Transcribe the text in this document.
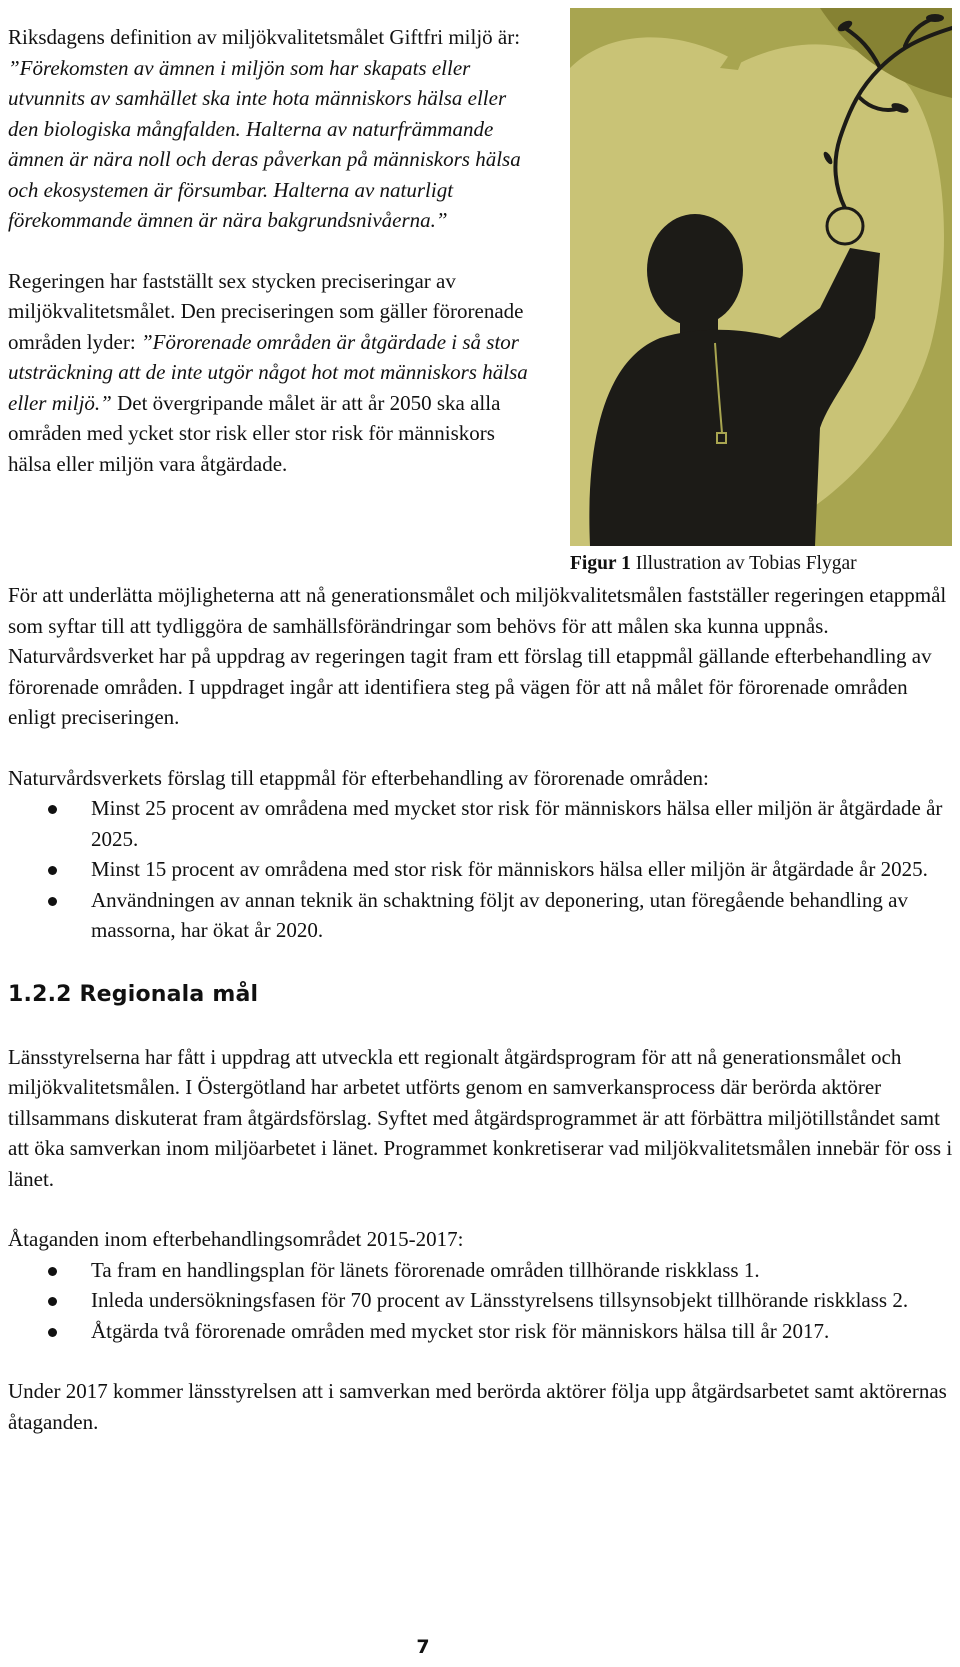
Riksdagens definition av miljökvalitetsmålet Giftfri miljö är: ”Förekomsten av ämnen i miljön som har skapats eller utvunnits av samhället ska inte hota människors hälsa eller den biologiska mångfalden. Halterna av naturfrämmande ämnen är nära noll och deras påverkan på människors hälsa och ekosystemen är försumbar. Halterna av naturligt förekommande ämnen är nära bakgrundsnivåerna.”

Regeringen har fastställt sex stycken preciseringar av miljökvalitetsmålet. Den preciseringen som gäller förorenade områden lyder: ”Förorenade områden är åtgärdade i så stor utsträckning att de inte utgör något hot mot människors hälsa eller miljö.” Det övergripande målet är att år 2050 ska alla områden med ycket stor risk eller stor risk för människors hälsa eller miljön vara åtgärdade.

Figur 1 Illustration av Tobias Flygar

För att underlätta möjligheterna att nå generationsmålet och miljökvalitetsmålen fastställer regeringen etappmål som syftar till att tydliggöra de samhällsförändringar som behövs för att målen ska kunna uppnås. Naturvårdsverket har på uppdrag av regeringen tagit fram ett förslag till etappmål gällande efterbehandling av förorenade områden. I uppdraget ingår att identifiera steg på vägen för att nå målet för förorenade områden enligt preciseringen.

Naturvårdsverkets förslag till etappmål för efterbehandling av förorenade områden:

Minst 25 procent av områdena med mycket stor risk för människors hälsa eller miljön är åtgärdade år 2025.
Minst 15 procent av områdena med stor risk för människors hälsa eller miljön är åtgärdade år 2025.
Användningen av annan teknik än schaktning följt av deponering, utan föregående behandling av massorna, har ökat år 2020.
1.2.2 Regionala mål

Länsstyrelserna har fått i uppdrag att utveckla ett regionalt åtgärdsprogram för att nå generationsmålet och miljökvalitetsmålen. I Östergötland har arbetet utförts genom en samverkansprocess där berörda aktörer tillsammans diskuterat fram åtgärdsförslag. Syftet med åtgärdsprogrammet är att förbättra miljötillståndet samt att öka samverkan inom miljöarbetet i länet. Programmet konkretiserar vad miljökvalitetsmålen innebär för oss i länet.

Åtaganden inom efterbehandlingsområdet 2015-2017:

Ta fram en handlingsplan för länets förorenade områden tillhörande riskklass 1.
Inleda undersökningsfasen för 70 procent av Länsstyrelsens tillsynsobjekt tillhörande riskklass 2.
Åtgärda två förorenade områden med mycket stor risk för människors hälsa till år 2017.

Under 2017 kommer länsstyrelsen att i samverkan med berörda aktörer följa upp åtgärdsarbetet samt aktörernas åtaganden.

7
